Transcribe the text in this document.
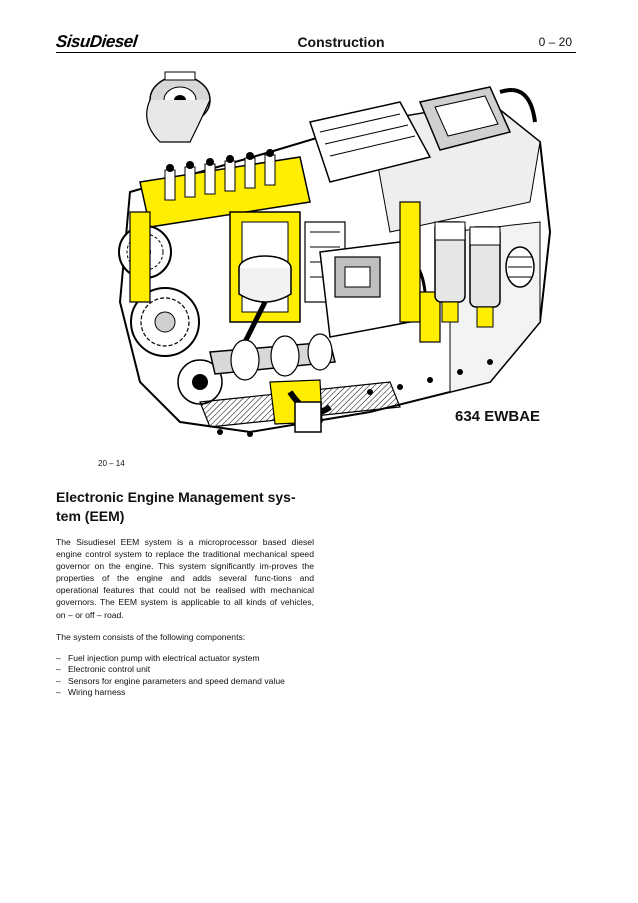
SisuDiesel	Construction	0 – 20
634 EWBAE
20 – 14
Electronic Engine Management sys-tem (EEM)

The Sisudiesel EEM system is a microprocessor based diesel engine control system to replace the traditional mechanical speed governor on the engine. This system significantly im-proves the properties of the engine and adds several func-tions and operational features that could not be realised with mechanical governors. The EEM system is applicable to all kinds of vehicles, on – or off – road.

The system consists of the following components:

– Fuel injection pump with electrical actuator system
– Electronic control unit
– Sensors for engine parameters and speed demand value
– Wiring harness
